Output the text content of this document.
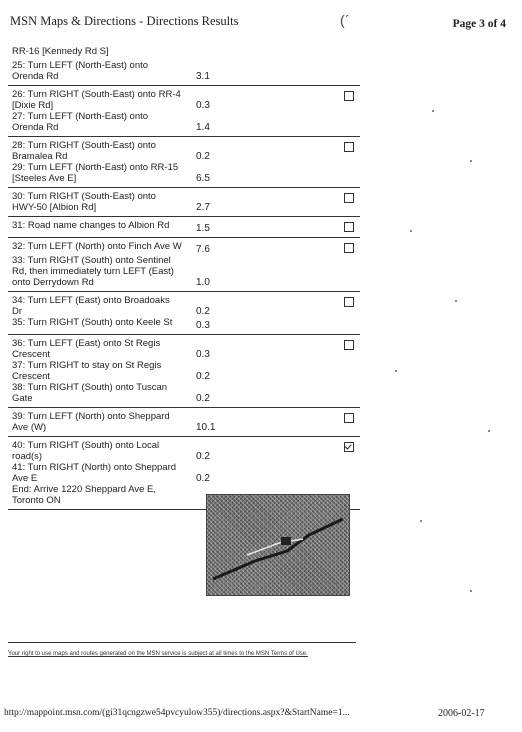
MSN Maps & Directions - Directions Results	(ˊ	Page 3 of 4
RR-16 [Kennedy Rd S]
25: Turn LEFT (North-East) onto Orenda Rd	3.1
26: Turn RIGHT (South-East) onto RR-4 [Dixie Rd]	0.3
27: Turn LEFT (North-East) onto Orenda Rd	1.4
28: Turn RIGHT (South-East) onto Bramalea Rd	0.2
29: Turn LEFT (North-East) onto RR-15 [Steeles Ave E]	6.5
30: Turn RIGHT (South-East) onto HWY-50 [Albion Rd]	2.7
31: Road name changes to Albion Rd	1.5
32: Turn LEFT (North) onto Finch Ave W 7.6
33: Turn RIGHT (South) onto Sentinel Rd, then immediately turn LEFT (East) onto Derrydown Rd	1.0
34: Turn LEFT (East) onto Broadoaks Dr	0.2
35: Turn RIGHT (South) onto Keele St	0.3
36: Turn LEFT (East) onto St Regis Crescent	0.3
37: Turn RIGHT to stay on St Regis Crescent	0.2
38: Turn RIGHT (South) onto Tuscan Gate	0.2
39: Turn LEFT (North) onto Sheppard Ave (W)	10.1
40: Turn RIGHT (South) onto Local road(s)	0.2
41: Turn RIGHT (North) onto Sheppard Ave E	0.2
End: Arrive 1220 Sheppard Ave E, Toronto ON
Your right to use maps and routes generated on the MSN service is subject at all times to the MSN Terms of Use.
http://mappoint.msn.com/(gi31qcngzwe54pvcyulow355)/directions.aspx?&StartName=1...	2006-02-17
